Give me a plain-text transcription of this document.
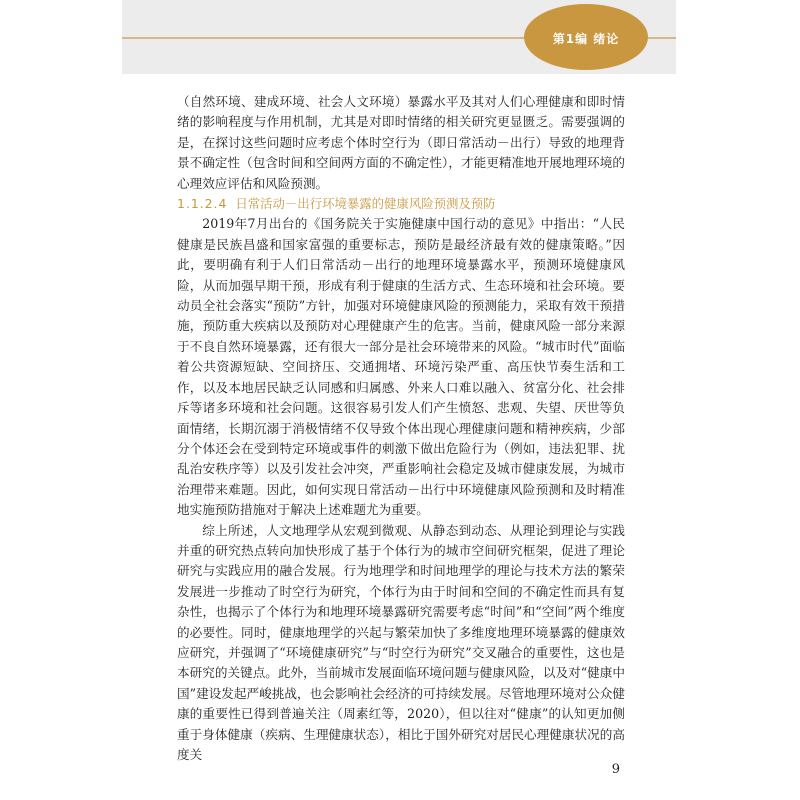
第1编 绪论

（自然环境、建成环境、社会人文环境）暴露水平及其对人们心理健康和即时情绪的影响程度与作用机制，尤其是对即时情绪的相关研究更显匮乏。需要强调的是，在探讨这些问题时应考虑个体时空行为（即日常活动－出行）导致的地理背景不确定性（包含时间和空间两方面的不确定性），才能更精准地开展地理环境的心理效应评估和风险预测。

1.1.2.4 日常活动－出行环境暴露的健康风险预测及预防

2019年7月出台的《国务院关于实施健康中国行动的意见》中指出：“人民健康是民族昌盛和国家富强的重要标志，预防是最经济最有效的健康策略。”因此，要明确有利于人们日常活动－出行的地理环境暴露水平，预测环境健康风险，从而加强早期干预，形成有利于健康的生活方式、生态环境和社会环境。要动员全社会落实“预防”方针，加强对环境健康风险的预测能力，采取有效干预措施，预防重大疾病以及预防对心理健康产生的危害。当前，健康风险一部分来源于不良自然环境暴露，还有很大一部分是社会环境带来的风险。“城市时代”面临着公共资源短缺、空间挤压、交通拥堵、环境污染严重、高压快节奏生活和工作，以及本地居民缺乏认同感和归属感、外来人口难以融入、贫富分化、社会排斥等诸多环境和社会问题。这很容易引发人们产生愤怒、悲观、失望、厌世等负面情绪，长期沉溺于消极情绪不仅导致个体出现心理健康问题和精神疾病，少部分个体还会在受到特定环境或事件的刺激下做出危险行为（例如，违法犯罪、扰乱治安秩序等）以及引发社会冲突，严重影响社会稳定及城市健康发展，为城市治理带来难题。因此，如何实现日常活动－出行中环境健康风险预测和及时精准地实施预防措施对于解决上述难题尤为重要。

综上所述，人文地理学从宏观到微观、从静态到动态、从理论到理论与实践并重的研究热点转向加快形成了基于个体行为的城市空间研究框架，促进了理论研究与实践应用的融合发展。行为地理学和时间地理学的理论与技术方法的繁荣发展进一步推动了时空行为研究，个体行为由于时间和空间的不确定性而具有复杂性，也揭示了个体行为和地理环境暴露研究需要考虑“时间”和“空间”两个维度的必要性。同时，健康地理学的兴起与繁荣加快了多维度地理环境暴露的健康效应研究，并强调了“环境健康研究”与“时空行为研究”交叉融合的重要性，这也是本研究的关键点。此外，当前城市发展面临环境问题与健康风险，以及对“健康中国”建设发起严峻挑战，也会影响社会经济的可持续发展。尽管地理环境对公众健康的重要性已得到普遍关注（周素红等，2020），但以往对“健康”的认知更加侧重于身体健康（疾病、生理健康状态），相比于国外研究对居民心理健康状况的高度关

9
